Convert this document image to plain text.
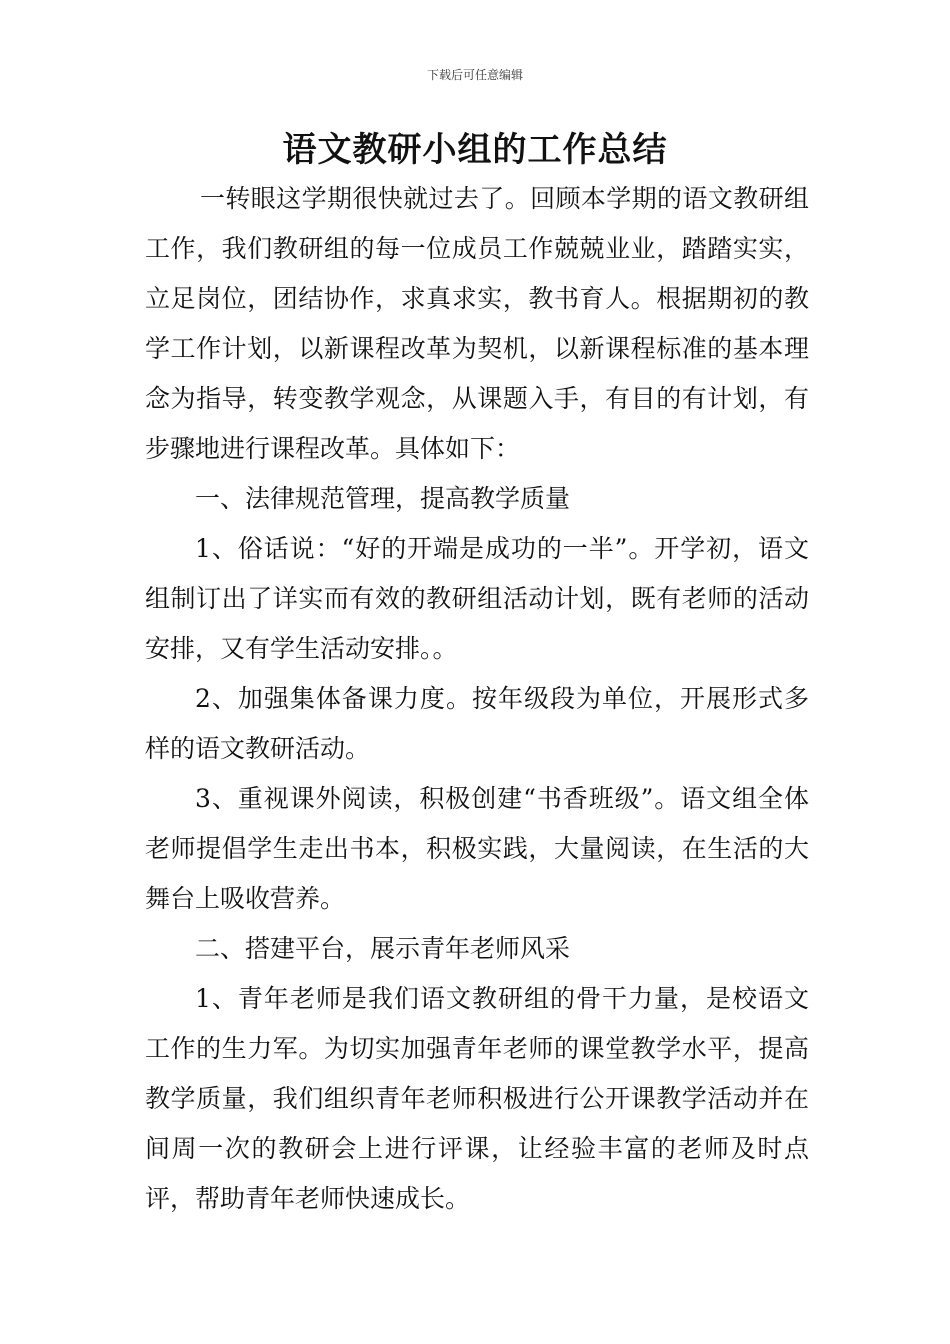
下载后可任意编辑
语文教研小组的工作总结

一转眼这学期很快就过去了。回顾本学期的语文教研组工作，我们教研组的每一位成员工作兢兢业业，踏踏实实，立足岗位，团结协作，求真求实，教书育人。根据期初的教学工作计划，以新课程改革为契机，以新课程标准的基本理念为指导，转变教学观念，从课题入手，有目的有计划，有步骤地进行课程改革。具体如下：

一、法律规范管理，提高教学质量

1、俗话说：“好的开端是成功的一半”。开学初，语文组制订出了详实而有效的教研组活动计划，既有老师的活动安排，又有学生活动安排。。

2、加强集体备课力度。按年级段为单位，开展形式多样的语文教研活动。

3、重视课外阅读，积极创建“书香班级”。语文组全体老师提倡学生走出书本，积极实践，大量阅读，在生活的大舞台上吸收营养。

二、搭建平台，展示青年老师风采

1、青年老师是我们语文教研组的骨干力量，是校语文工作的生力军。为切实加强青年老师的课堂教学水平，提高教学质量，我们组织青年老师积极进行公开课教学活动并在间周一次的教研会上进行评课，让经验丰富的老师及时点评，帮助青年老师快速成长。
